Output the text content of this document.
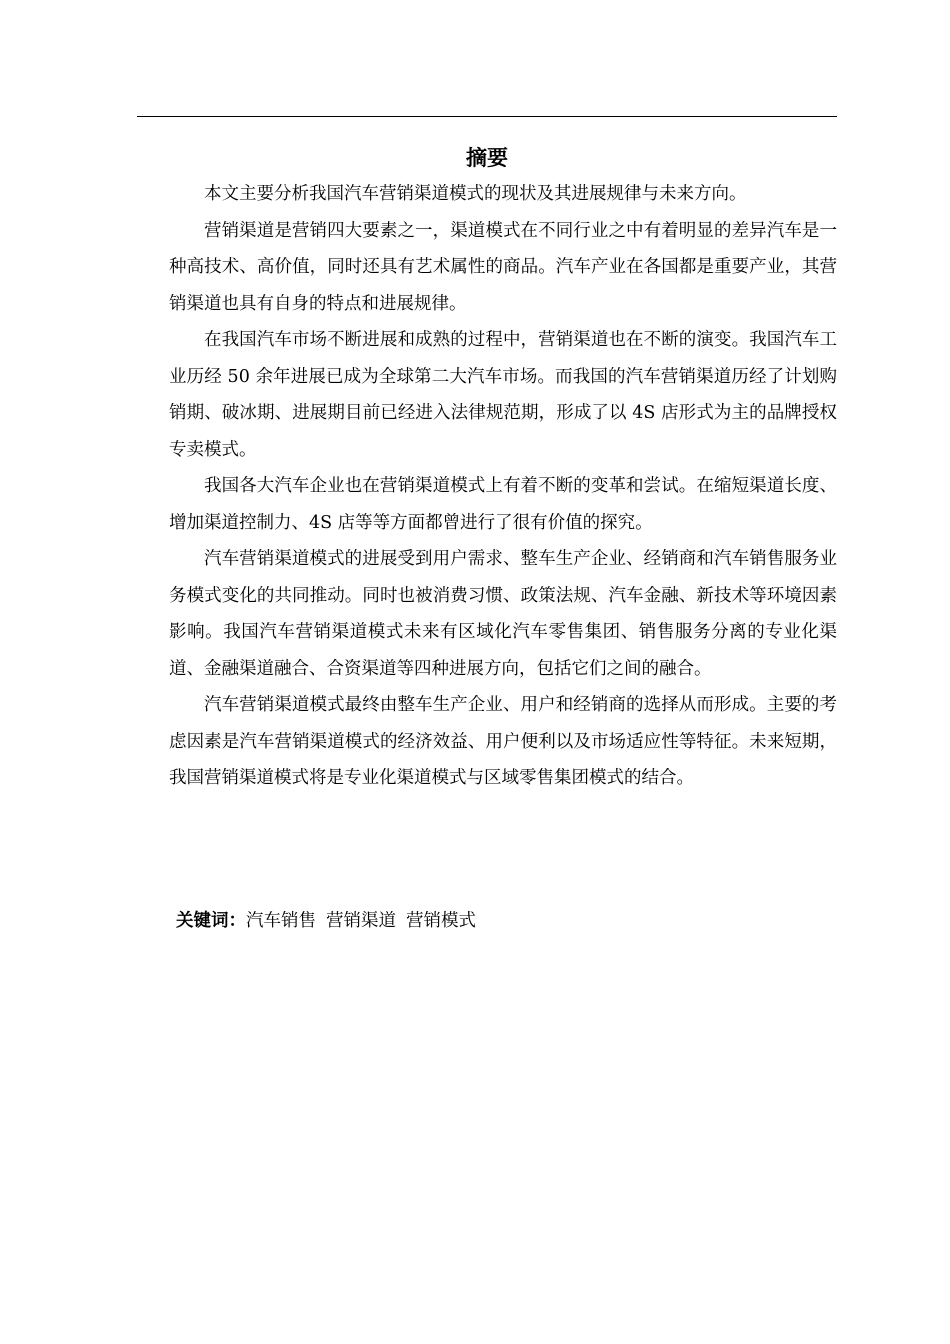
摘要

本文主要分析我国汽车营销渠道模式的现状及其进展规律与未来方向。

营销渠道是营销四大要素之一，渠道模式在不同行业之中有着明显的差异汽车是一种高技术、高价值，同时还具有艺术属性的商品。汽车产业在各国都是重要产业，其营销渠道也具有自身的特点和进展规律。

在我国汽车市场不断进展和成熟的过程中，营销渠道也在不断的演变。我国汽车工业历经 50 余年进展已成为全球第二大汽车市场。而我国的汽车营销渠道历经了计划购销期、破冰期、进展期目前已经进入法律规范期，形成了以 4S 店形式为主的品牌授权专卖模式。

我国各大汽车企业也在营销渠道模式上有着不断的变革和尝试。在缩短渠道长度、增加渠道控制力、4S 店等等方面都曾进行了很有价值的探究。

汽车营销渠道模式的进展受到用户需求、整车生产企业、经销商和汽车销售服务业务模式变化的共同推动。同时也被消费习惯、政策法规、汽车金融、新技术等环境因素影响。我国汽车营销渠道模式未来有区域化汽车零售集团、销售服务分离的专业化渠道、金融渠道融合、合资渠道等四种进展方向，包括它们之间的融合。

汽车营销渠道模式最终由整车生产企业、用户和经销商的选择从而形成。主要的考虑因素是汽车营销渠道模式的经济效益、用户便利以及市场适应性等特征。未来短期，我国营销渠道模式将是专业化渠道模式与区域零售集团模式的结合。

关键词：汽车销售 营销渠道 营销模式
